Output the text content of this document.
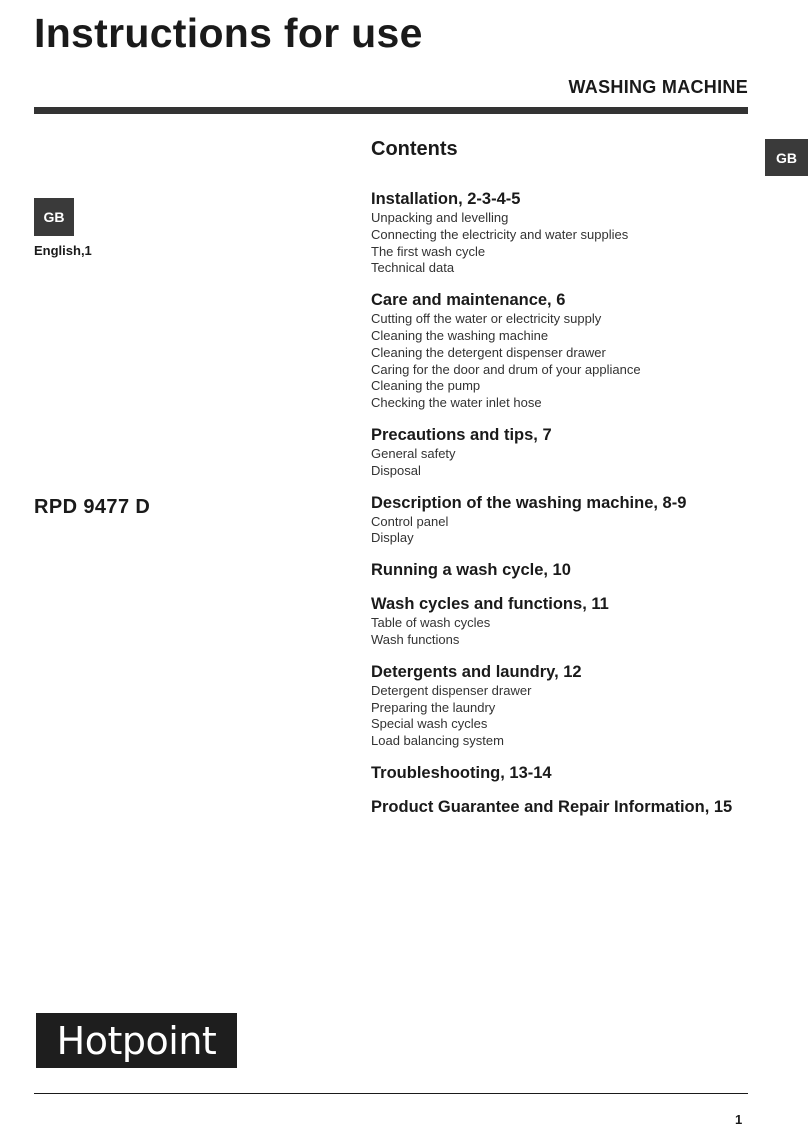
Instructions for use
WASHING MACHINE
GB
GB
English,1
RPD 9477 D
Contents
Installation, 2-3-4-5
Unpacking and levelling
Connecting the electricity and water supplies
The first wash cycle
Technical data
Care and maintenance, 6
Cutting off the water or electricity supply
Cleaning the washing machine
Cleaning the detergent dispenser drawer
Caring for the door and drum of your appliance
Cleaning the pump
Checking the water inlet hose
Precautions and tips, 7
General safety
Disposal
Description of the washing machine, 8-9
Control panel
Display
Running a wash cycle, 10
Wash cycles and functions, 11
Table of wash cycles
Wash functions
Detergents and laundry, 12
Detergent dispenser drawer
Preparing the laundry
Special wash cycles
Load balancing system
Troubleshooting, 13-14
Product Guarantee and Repair Information, 15
Hotpoint
1
